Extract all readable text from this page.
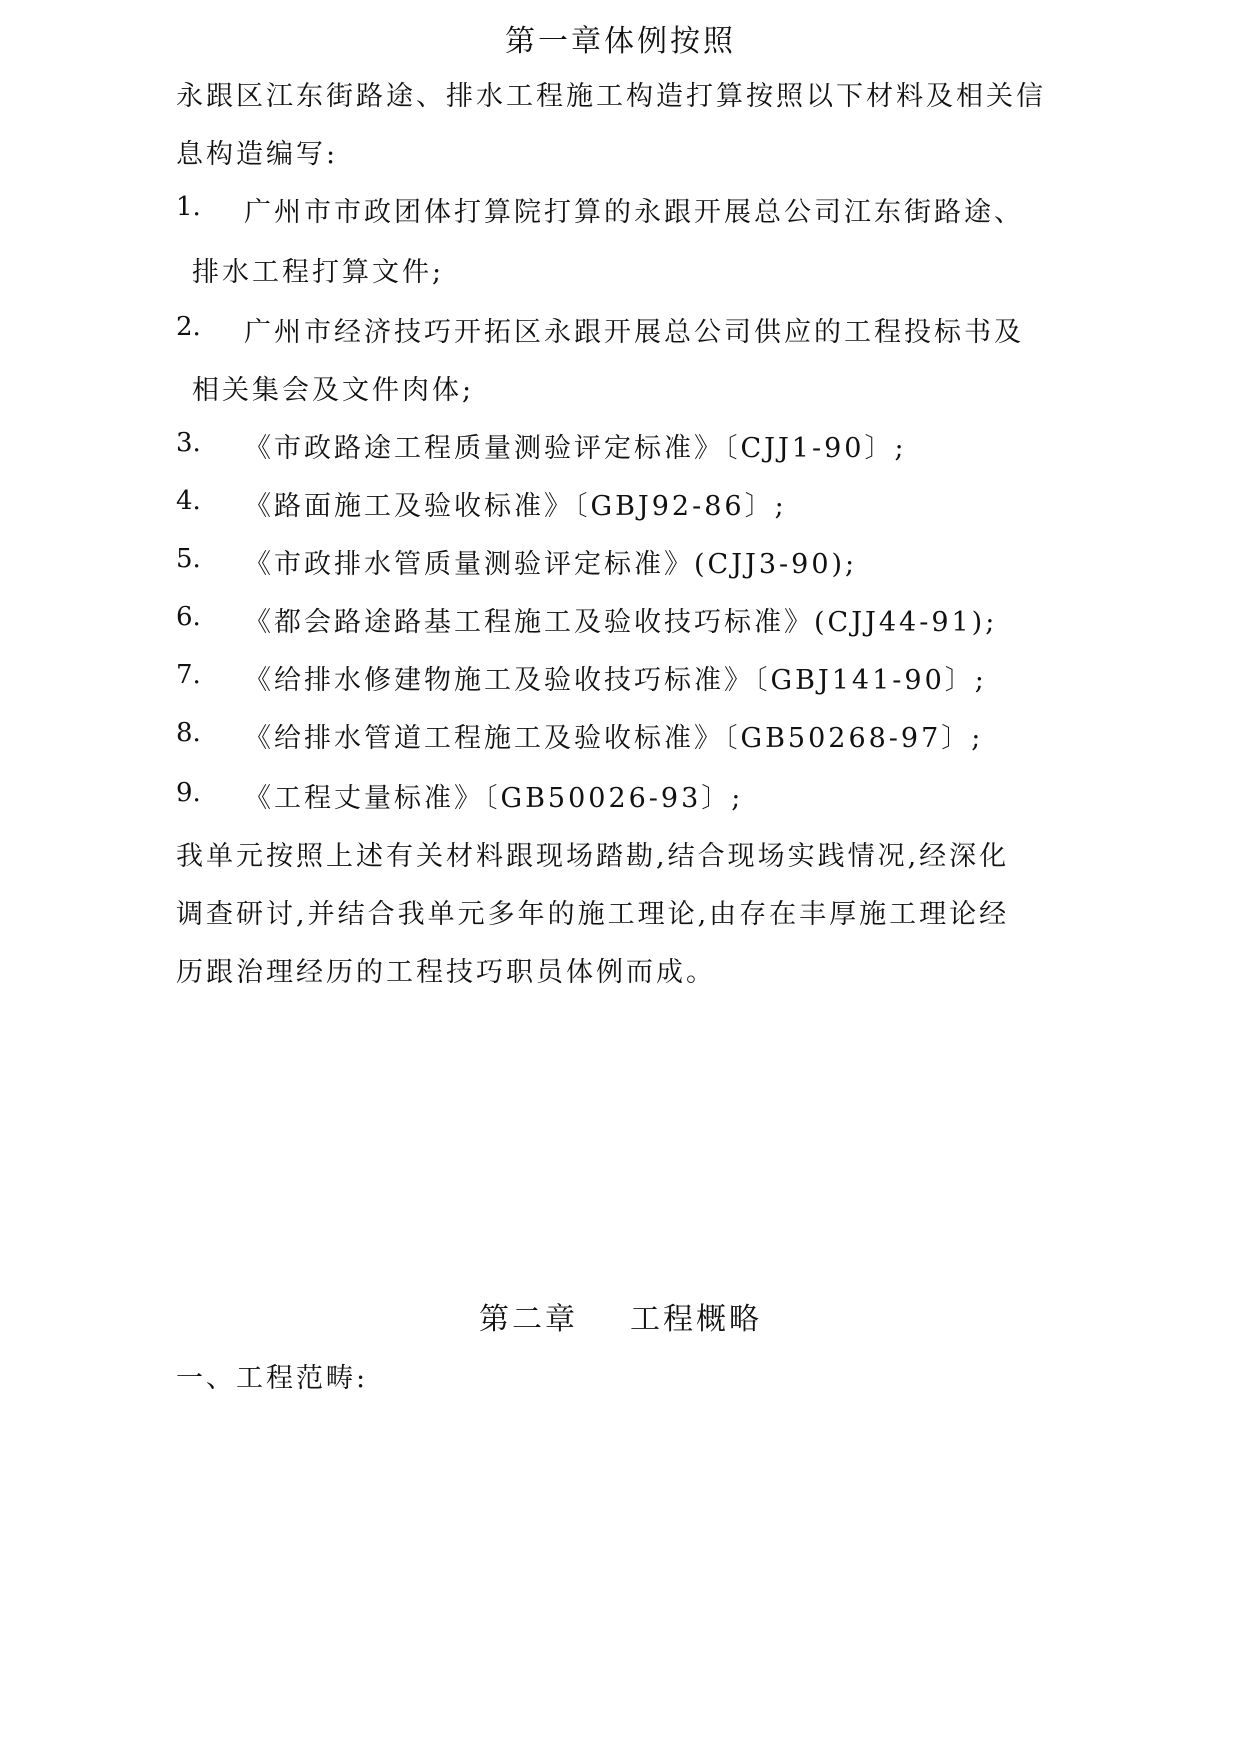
第一章体例按照
永跟区江东街路途、排水工程施工构造打算按照以下材料及相关信
息构造编写:
1. 广州市市政团体打算院打算的永跟开展总公司江东街路途、
排水工程打算文件;
2. 广州市经济技巧开拓区永跟开展总公司供应的工程投标书及
相关集会及文件肉体;
3. 《市政路途工程质量测验评定标准》〔CJJ1-90〕;
4. 《路面施工及验收标准》〔GBJ92-86〕;
5. 《市政排水管质量测验评定标准》(CJJ3-90);
6. 《都会路途路基工程施工及验收技巧标准》(CJJ44-91);
7. 《给排水修建物施工及验收技巧标准》〔GBJ141-90〕;
8. 《给排水管道工程施工及验收标准》〔GB50268-97〕;
9. 《工程丈量标准》〔GB50026-93〕;
我单元按照上述有关材料跟现场踏勘,结合现场实践情况,经深化
调查研讨,并结合我单元多年的施工理论,由存在丰厚施工理论经
历跟治理经历的工程技巧职员体例而成。
第二章 工程概略
一、工程范畴:
